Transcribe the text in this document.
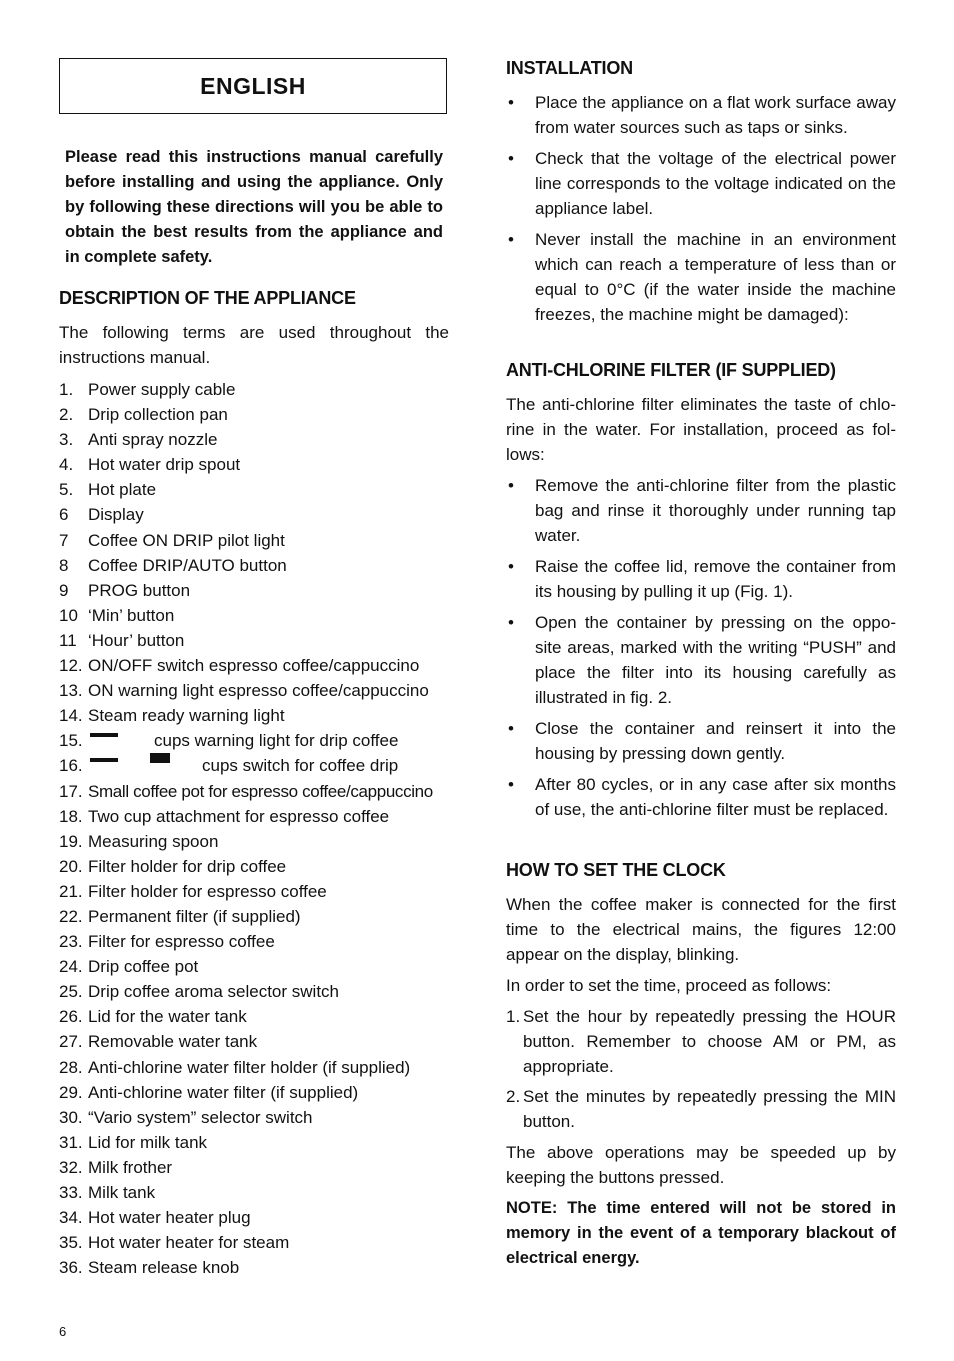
ENGLISH
Please read this instructions manual carefully before installing and using the appliance. Only by following these directions will you be able to obtain the best results from the appliance and in complete safety.
DESCRIPTION OF THE APPLIANCE
The following terms are used throughout the instructions manual.
1. Power supply cable
2. Drip collection pan
3. Anti spray nozzle
4. Hot water drip spout
5. Hot plate
6	Display
7	Coffee ON DRIP pilot light
8	Coffee DRIP/AUTO button
9	PROG button
10 ‘Min’ button
11 ‘Hour’ button
12. ON/OFF switch espresso coffee/cappuccino
13. ON warning light espresso coffee/cappuccino
14. Steam ready warning light
15.	cups warning light for drip coffee
16.	cups switch for coffee drip
17. Small coffee pot for espresso coffee/cappuccino
18. Two cup attachment for espresso coffee
19. Measuring spoon
20. Filter holder for drip coffee
21. Filter holder for espresso coffee
22. Permanent filter (if supplied)
23. Filter for espresso coffee
24. Drip coffee pot
25. Drip coffee aroma selector switch
26. Lid for the water tank
27. Removable water tank
28. Anti-chlorine water filter holder (if supplied)
29. Anti-chlorine water filter (if supplied)
30. “Vario system” selector switch
31. Lid for milk tank
32. Milk frother
33. Milk tank
34. Hot water heater plug
35. Hot water heater for steam
36. Steam release knob
INSTALLATION
• Place the appliance on a flat work surface away from water sources such as taps or sinks.
• Check that the voltage of the electrical power line corresponds to the voltage indicated on the appliance label.
• Never install the machine in an environment which can reach a temperature of less than or equal to 0°C (if the water inside the machine freezes, the machine might be damaged):
ANTI-CHLORINE FILTER (IF SUPPLIED)
The anti-chlorine filter eliminates the taste of chlo-rine in the water. For installation, proceed as fol-lows:
• Remove the anti-chlorine filter from the plastic bag and rinse it thoroughly under running tap water.
• Raise the coffee lid, remove the container from its housing by pulling it up (Fig. 1).
• Open the container by pressing on the oppo-site areas, marked with the writing “PUSH” and place the filter into its housing carefully as illustrated in fig. 2.
• Close the container and reinsert it into the housing by pressing down gently.
• After 80 cycles, or in any case after six months of use, the anti-chlorine filter must be replaced.
HOW TO SET THE CLOCK
When the coffee maker is connected for the first time to the electrical mains, the figures 12:00 appear on the display, blinking.
In order to set the time, proceed as follows:
1. Set the hour by repeatedly pressing the HOUR button. Remember to choose AM or PM, as appropriate.
2. Set the minutes by repeatedly pressing the MIN button.
The above operations may be speeded up by keeping the buttons pressed.
NOTE: The time entered will not be stored in memory in the event of a temporary blackout of electrical energy.
6
